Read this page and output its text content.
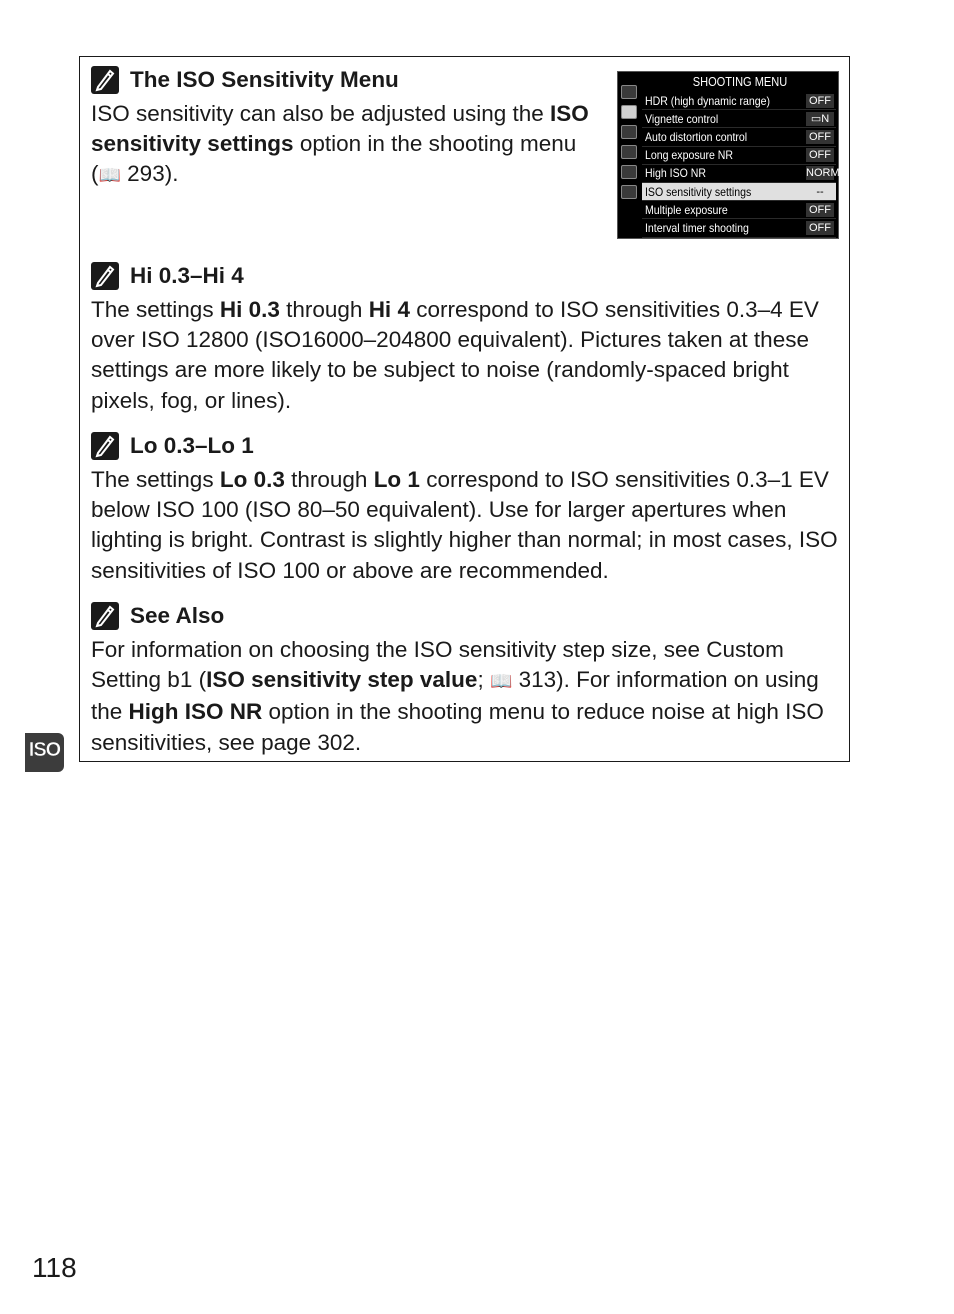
The ISO Sensitivity Menu
ISO sensitivity can also be adjusted using the ISO sensitivity settings option in the shooting menu (📖 293).
SHOOTING MENU
HDR (high dynamic range)	OFF
Vignette control	▭N
Auto distortion control	OFF
Long exposure NR	OFF
High ISO NR	NORM
ISO sensitivity settings	--
Multiple exposure	OFF
Interval timer shooting	OFF
Hi 0.3–Hi 4
The settings Hi 0.3 through Hi 4 correspond to ISO sensitivities 0.3–4 EV over ISO 12800 (ISO16000–204800 equivalent). Pictures taken at these settings are more likely to be subject to noise (randomly-spaced bright pixels, fog, or lines).
Lo 0.3–Lo 1
The settings Lo 0.3 through Lo 1 correspond to ISO sensitivities 0.3–1 EV below ISO 100 (ISO 80–50 equivalent). Use for larger apertures when lighting is bright. Contrast is slightly higher than normal; in most cases, ISO sensitivities of ISO 100 or above are recommended.
See Also
For information on choosing the ISO sensitivity step size, see Custom Setting b1 (ISO sensitivity step value; 📖 313). For information on using the High ISO NR option in the shooting menu to reduce noise at high ISO sensitivities, see page 302.
ISO
118
